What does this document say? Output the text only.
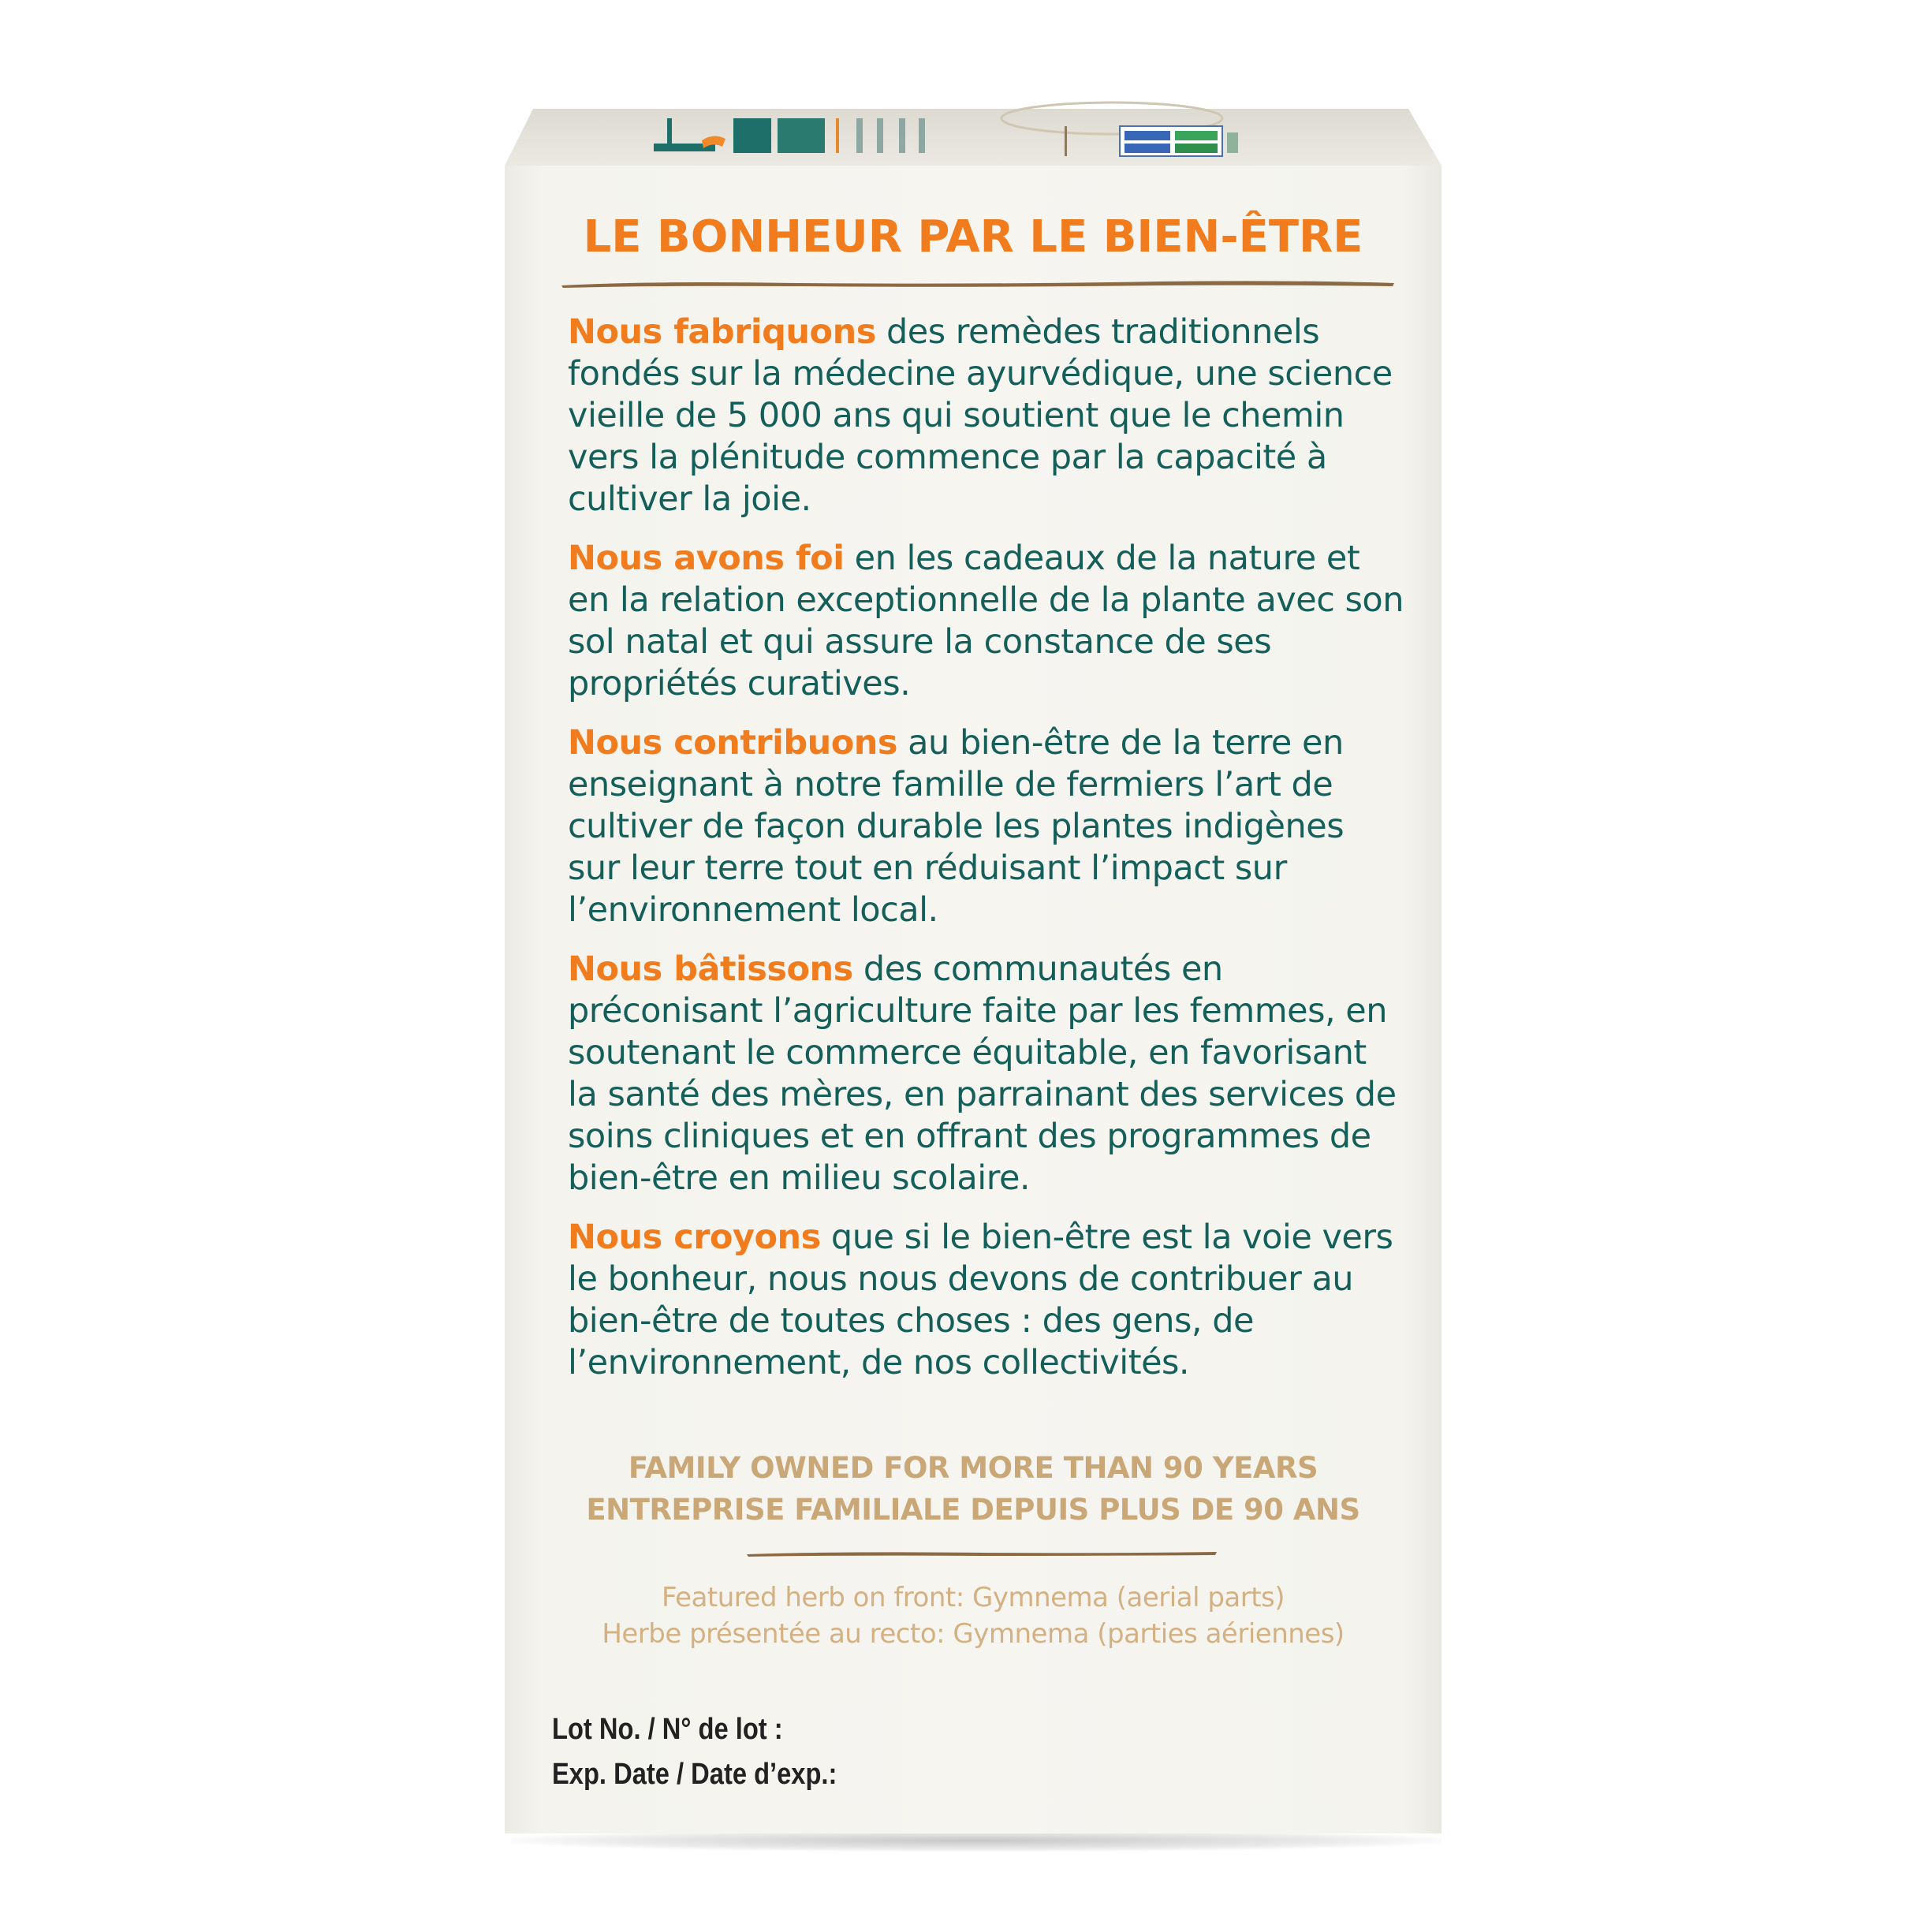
LE BONHEUR PAR LE BIEN-ÊTRE

Nous fabriquons des remèdes traditionnels fondés sur la médecine ayurvédique, une science vieille de 5 000 ans qui soutient que le chemin vers la plénitude commence par la capacité à cultiver la joie.

Nous avons foi en les cadeaux de la nature et en la relation exceptionnelle de la plante avec son sol natal et qui assure la constance de ses propriétés curatives.

Nous contribuons au bien-être de la terre en enseignant à notre famille de fermiers l’art de cultiver de façon durable les plantes indigènes sur leur terre tout en réduisant l’impact sur l’environnement local.

Nous bâtissons des communautés en préconisant l’agriculture faite par les femmes, en soutenant le commerce équitable, en favorisant la santé des mères, en parrainant des services de soins cliniques et en offrant des programmes de bien-être en milieu scolaire.

Nous croyons que si le bien-être est la voie vers le bonheur, nous nous devons de contribuer au bien-être de toutes choses : des gens, de l’environnement, de nos collectivités.

FAMILY OWNED FOR MORE THAN 90 YEARS
ENTREPRISE FAMILIALE DEPUIS PLUS DE 90 ANS
Featured herb on front: Gymnema (aerial parts)
Herbe présentée au recto: Gymnema (parties aériennes)
Lot No. / N° de lot :
Exp. Date / Date d’exp.:
